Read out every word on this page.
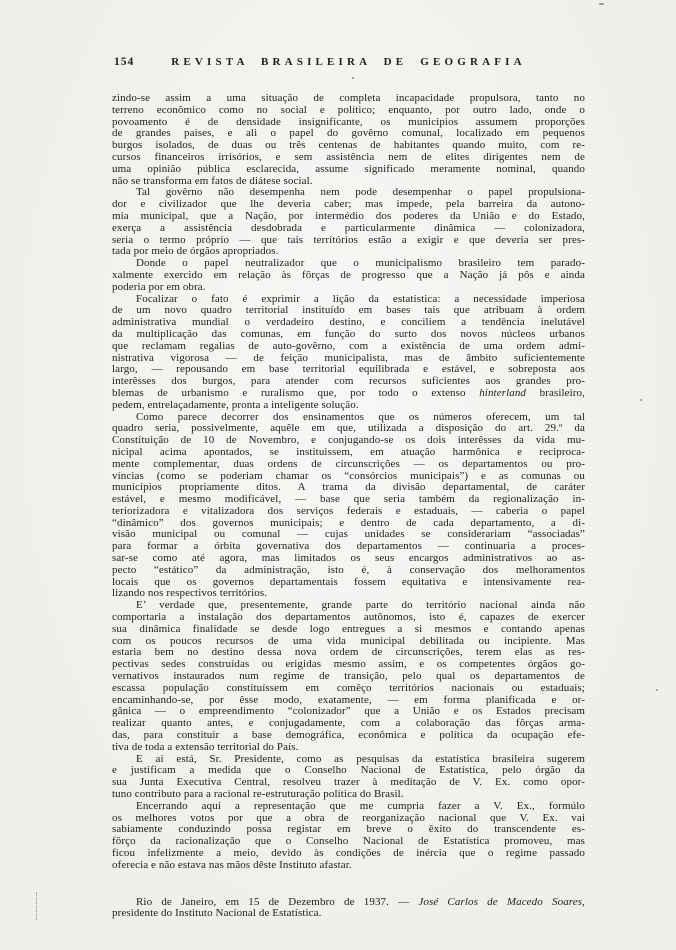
154	REVISTA BRASILEIRA DE GEOGRAFIA
zindo-se assim a uma situação de completa incapacidade propulsora, tanto no
terreno econômico como no social e político; enquanto, por outro lado, onde o
povoamento é de densidade insignificante, os municipios assumem proporções
de grandes paises, e ali o papel do govêrno comunal, localizado em pequenos
burgos isolados, de duas ou três centenas de habitantes quando muito, com re-
cursos financeiros irrisórios, e sem assistência nem de elites dirigentes nem de
uma opinião pública esclarecida, assume significado meramente nominal, quando
não se transforma em fatos de diátese social.
Tal govêrno não desempenha nem pode desempenhar o papel propulsiona-
dor e civilizador que lhe deveria caber; mas impede, pela barreira da autono-
mia municipal, que a Nação, por intermédio dos poderes da União e do Estado,
exerça a assistência desdobrada e particularmente dinâmica — colonizadora,
seria o termo próprio — que tais territórios estão a exigir e que deveria ser pres-
tada por meio de órgãos apropriados.
Donde o papel neutralizador que o municipalismo brasileiro tem parado-
xalmente exercido em relação às fôrças de progresso que a Nação já pôs e ainda
poderia por em obra.
Focalizar o fato é exprimir a lição da estatística: a necessidade imperiosa
de um novo quadro territorial instituído em bases tais que atribuam à ordem
administrativa mundial o verdadeiro destino, e conciliem a tendência inelutável
da multiplicação das comunas, em função do surto dos novos núcleos urbanos
que reclamam regalias de auto-govêrno, com a existência de uma ordem admi-
nistrativa vigorosa — de feição municipalista, mas de âmbito suficientemente
largo, — repousando em base territorial equilibrada e estável, e sobreposta aos
interêsses dos burgos, para atender com recursos suficientes aos grandes pro-
blemas de urbanismo e ruralismo que, por todo o extenso hinterland brasileiro,
pedem, entrelaçadamente, pronta a inteligente solução.
Como parece decorrer dos ensinamentos que os números oferecem, um tal
quadro seria, possivelmente, aquêle em que, utilizada a disposição do art. 29.º da
Constituição de 10 de Novembro, e conjugando-se os dois interêsses da vida mu-
nicipal acima apontados, se instituissem, em atuação harmônica e reciproca-
mente complementar, duas ordens de circunscrições — os departamentos ou pro-
víncias (como se poderiam chamar os “consórcios municipais”) e as comunas ou
municípios propriamente ditos. A trama da divisão departamental, de caráter
estável, e mesmo modificável, — base que seria também da regionalização in-
teriorizadora e vitalizadora dos serviços federais e estaduais, — caberia o papel
“dinâmico” dos governos municipais; e dentro de cada departamento, a di-
visão municipal ou comunal — cujas unidades se considerariam “associadas”
para formar a órbita governativa dos departamentos — continuaria a proces-
sar-se como até agora, mas limitados os seus encargos administrativos ao as-
pecto “estático” da administração, isto é, à conservação dos melhoramentos
locais que os governos departamentais fossem equitativa e intensivamente rea-
lizando nos respectivos territórios.
E’ verdade que, presentemente, grande parte do território nacional ainda não
comportaria a instalação dos departamentos autônomos, isto é, capazes de exercer
sua dinâmica finalidade se desde logo entregues a si mesmos e contando apenas
com os poucos recursos de uma vida municipal debilitada ou incipiente. Mas
estaria bem no destino dessa nova ordem de circunscrições, terem elas as res-
pectivas sedes construídas ou erigidas mesmo assim, e os competentes órgãos go-
vernativos instaurados num regime de transição, pelo qual os departamentos de
escassa população constituíssem em comêço territórios nacionais ou estaduais;
encaminhando-se, por êsse modo, exatamente, — em forma planificada e or-
gânica — o empreendimento “colonizador” que a União e os Estados precisam
realizar quanto antes, e conjugadamente, com a colaboração das fôrças arma-
das, para constituir a base demográfica, econômica e política da ocupação efe-
tiva de toda a extensão territorial do País.
E aí está, Sr. Presidente, como as pesquisas da estatística brasileira sugerem
e justificam a medida que o Conselho Nacional de Estatística, pelo órgão da
sua Junta Executiva Central, resolveu trazer à meditação de V. Ex. como opor-
tuno contributo para a racional re-estruturação política do Brasil.
Encerrando aquí a representação que me cumpria fazer a V. Ex., formúlo
os melhores votos por que a obra de reorganização nacional que V. Ex. vai
sabiamente conduzindo possa registar em breve o êxito do transcendente es-
fôrço da racionalização que o Conselho Nacional de Estatística promoveu, mas
ficou infelizmente a meio, devido às condições de inércia que o regime passado
oferecia e não estava nas mãos dêste Instituto afastar.
Rio de Janeiro, em 15 de Dezembro de 1937. — José Carlos de Macedo Soares,
presidente do Instituto Nacional de Estatística.
